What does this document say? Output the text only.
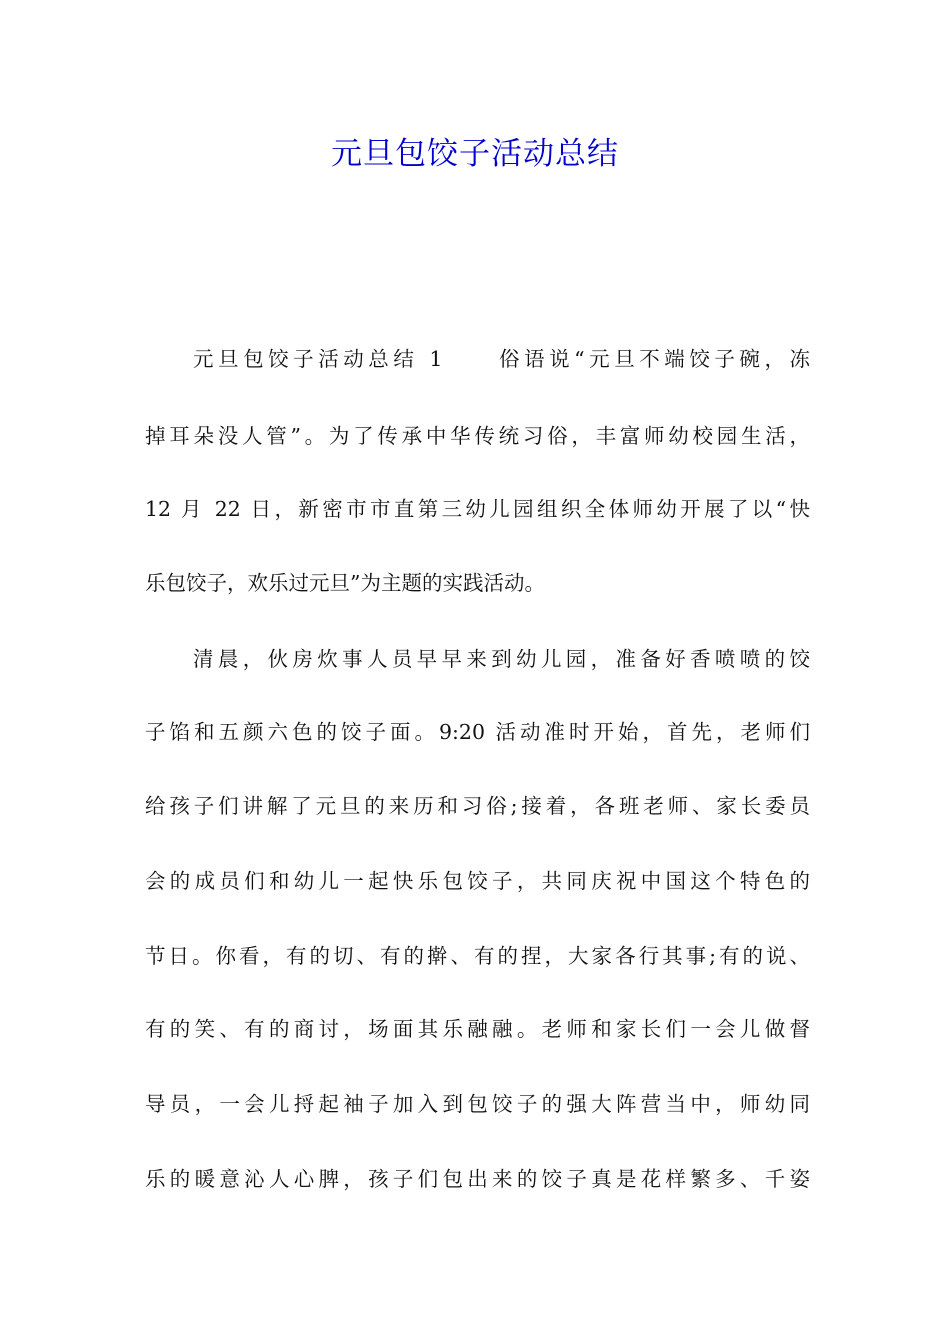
元旦包饺子活动总结
元旦包饺子活动总结 1	俗语说“元旦不端饺子碗，冻
掉耳朵没人管”。为了传承中华传统习俗，丰富师幼校园生活，
12 月 22 日，新密市市直第三幼儿园组织全体师幼开展了以“快
乐包饺子，欢乐过元旦”为主题的实践活动。
清晨，伙房炊事人员早早来到幼儿园，准备好香喷喷的饺
子馅和五颜六色的饺子面。9:20 活动准时开始，首先，老师们
给孩子们讲解了元旦的来历和习俗;接着，各班老师、家长委员
会的成员们和幼儿一起快乐包饺子，共同庆祝中国这个特色的
节日。你看，有的切、有的擀、有的捏，大家各行其事;有的说、
有的笑、有的商讨，场面其乐融融。老师和家长们一会儿做督
导员，一会儿捋起袖子加入到包饺子的强大阵营当中，师幼同
乐的暖意沁人心脾，孩子们包出来的饺子真是花样繁多、千姿
